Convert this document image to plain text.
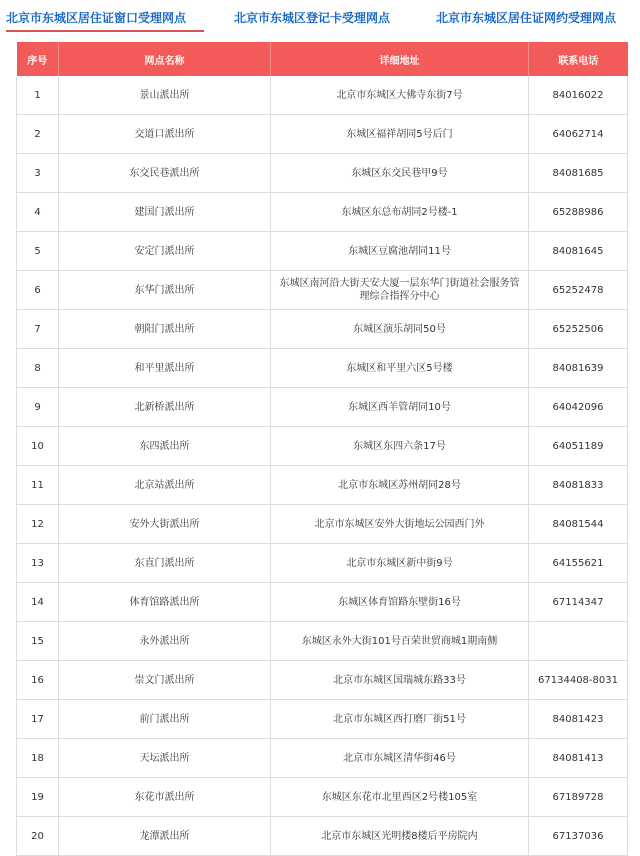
北京市东城区居住证窗口受理网点	北京市东城区登记卡受理网点	北京市东城区居住证网约受理网点
序号	网点名称	详细地址	联系电话
1	景山派出所	北京市东城区大佛寺东街7号	84016022
2	交道口派出所	东城区福祥胡同5号后门	64062714
3	东交民巷派出所	东城区东交民巷甲9号	84081685
4	建国门派出所	东城区东总布胡同2号楼-1	65288986
5	安定门派出所	东城区豆腐池胡同11号	84081645
6	东华门派出所	东城区南河沿大街天安大厦一层东华门街道社会服务管理综合指挥分中心	65252478
7	朝阳门派出所	东城区演乐胡同50号	65252506
8	和平里派出所	东城区和平里六区5号楼	84081639
9	北新桥派出所	东城区西羊管胡同10号	64042096
10	东四派出所	东城区东四六条17号	64051189
11	北京站派出所	北京市东城区苏州胡同28号	84081833
12	安外大街派出所	北京市东城区安外大街地坛公园西门外	84081544
13	东直门派出所	北京市东城区新中街9号	64155621
14	体育馆路派出所	东城区体育馆路东壁街16号	67114347
15	永外派出所	东城区永外大街101号百荣世贸商城1期南侧	
16	崇文门派出所	北京市东城区国瑞城东路33号	67134408-8031
17	前门派出所	北京市东城区西打磨厂街51号	84081423
18	天坛派出所	北京市东城区清华街46号	84081413
19	东花市派出所	东城区东花市北里西区2号楼105室	67189728
20	龙潭派出所	北京市东城区光明楼8楼后平房院内	67137036
